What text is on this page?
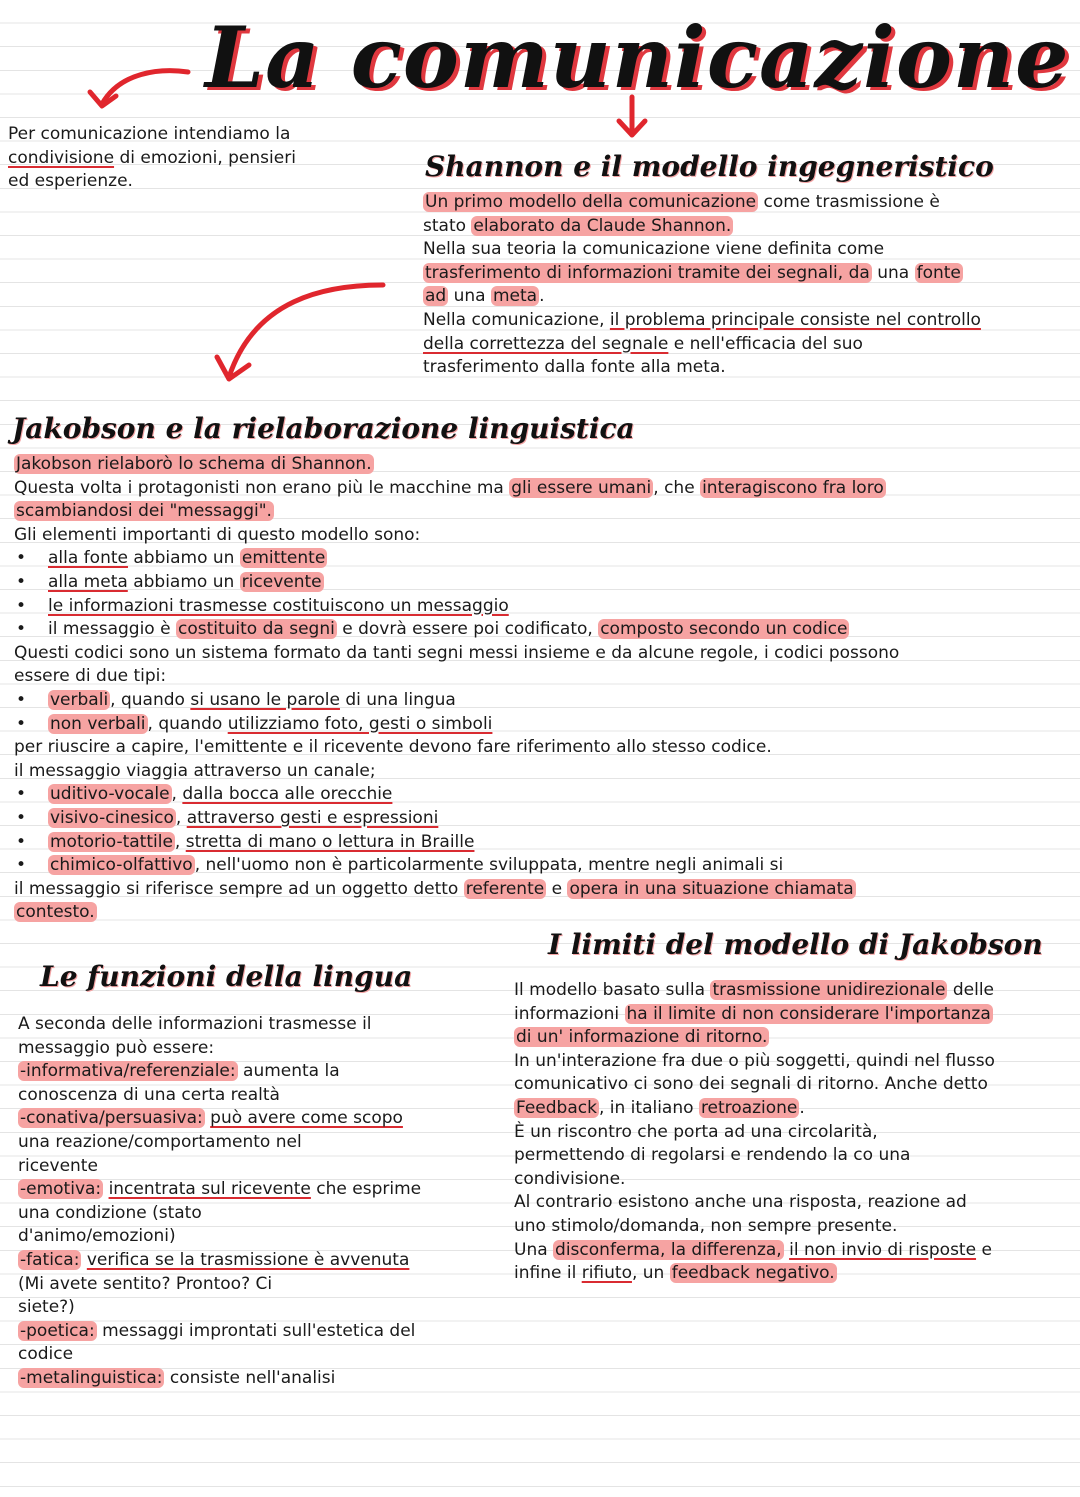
La comunicazione
Per comunicazione intendiamo la
condivisione di emozioni, pensieri
ed esperienze.	Shannon e il modello ingegneristico
Un primo modello della comunicazione come trasmissione è
stato elaborato da Claude Shannon.
Nella sua teoria la comunicazione viene definita come
trasferimento di informazioni tramite dei segnali, da una fonte
ad una meta .
Nella comunicazione, il problema principale consiste nel controllo
della correttezza del segnale e nell'efficacia del suo
trasferimento dalla fonte alla meta.
Jakobson e la rielaborazione linguistica
Jakobson rielaborò lo schema di Shannon.
Questa volta i protagonisti non erano più le macchine ma gli essere umani , che interagiscono fra loro
scambiandosi dei "messaggi".
Gli elementi importanti di questo modello sono:
• alla fonte abbiamo un emittente
• alla meta abbiamo un ricevente
• le informazioni trasmesse costituiscono un messaggio
• il messaggio è costituito da segni e dovrà essere poi codificato, composto secondo un codice
Questi codici sono un sistema formato da tanti segni messi insieme e da alcune regole, i codici possono
essere di due tipi:
• verbali , quando si usano le parole di una lingua
• non verbali , quando utilizziamo foto, gesti o simboli
per riuscire a capire, l'emittente e il ricevente devono fare riferimento allo stesso codice.
il messaggio viaggia attraverso un canale;
• uditivo-vocale , dalla bocca alle orecchie
• visivo-cinesico , attraverso gesti e espressioni
• motorio-tattile , stretta di mano o lettura in Braille
• chimico-olfattivo , nell'uomo non è particolarmente sviluppata, mentre negli animali si
il messaggio si riferisce sempre ad un oggetto detto referente e opera in una situazione chiamata
contesto.
Le funzioni della lingua
A seconda delle informazioni trasmesse il
messaggio può essere:
-informativa/referenziale: aumenta la
conoscenza di una certa realtà
-conativa/persuasiva: può avere come scopo
una reazione/comportamento nel
ricevente
-emotiva: incentrata sul ricevente che esprime
una condizione (stato
d'animo/emozioni)
-fatica: verifica se la trasmissione è avvenuta
(Mi avete sentito? Prontoo? Ci
siete?)
-poetica: messaggi improntati sull'estetica del
codice
-metalinguistica: consiste nell'analisi
I limiti del modello di Jakobson
Il modello basato sulla trasmissione unidirezionale delle
informazioni ha il limite di non considerare l'importanza
di un' informazione di ritorno.
In un'interazione fra due o più soggetti, quindi nel flusso
comunicativo ci sono dei segnali di ritorno. Anche detto
Feedback , in italiano retroazione .
È un riscontro che porta ad una circolarità,
permettendo di regolarsi e rendendo la co una
condivisione.
Al contrario esistono anche una risposta, reazione ad
uno stimolo/domanda, non sempre presente.
Una disconferma, la differenza, il non invio di risposte e
infine il rifiuto, un feedback negativo.
